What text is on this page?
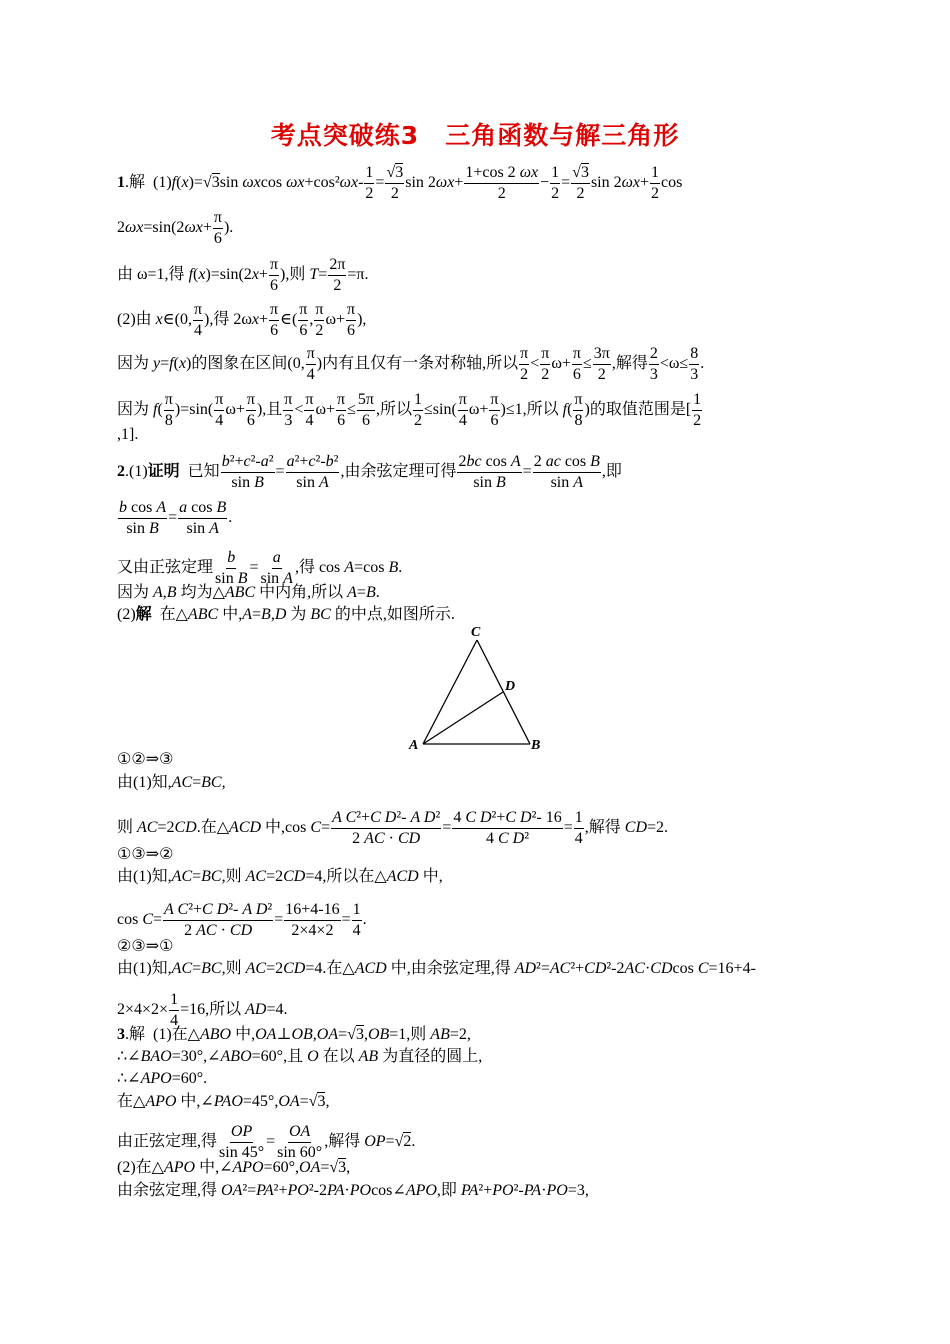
考点突破练3　三角函数与解三角形
1.解  (1)f(x)=√3sin ωxcos $\omega x+\cos^2\omega x- \frac{1}{2} = \frac{√3}{2}$ $\sin 2\omega x+ \frac{1+\cos 2 \omega x}{2} - \frac{1}{2} = \frac{√3}{2}$ $\sin 2\omega x+ \frac{1}{2}$ cos
$2\omega x=\sin(2\omega x+ \frac{\pi}{6}$ ).
由 ω=1,得 $f(x)=\sin(2x+ \frac{\pi}{6}$ ),则 $T= \frac{2\pi}{2} =\pi$.
(2)由 x∈(0, $\frac{\pi}{4}$ ),得 $2\omega x+ \frac{\pi}{6}$ ∈( $\frac{\pi}{6}$ , $\frac{\pi}{2} \omega+ \frac{\pi}{6}$ ),
因为 y=f(x)的图象在区间(0, $\frac{\pi}{4}$ )内有且仅有一条对称轴,所以 $\frac{\pi}{2} < \frac{\pi}{2} \omega+ \frac{\pi}{6} \le \frac{3\pi}{2}$ ,解得 $\frac{2}{3} <\omega\le \frac{8}{3}$ .
因为 $f( \frac{\pi}{8} )=\sin( \frac{\pi}{4} \omega+ \frac{\pi}{6}$ ),且 $\frac{\pi}{3} < \frac{\pi}{4} \omega+ \frac{\pi}{6} \le \frac{5\pi}{6}$ ,所以 $\frac{1}{2} \le\sin( \frac{\pi}{4} \omega+ \frac{\pi}{6} )\le 1$,所以 $f( \frac{\pi}{8}$ )的取值范围是[ $\frac{1}{2}$
,1].
2.(1)证明  已知 $\frac{\text{b²+c²-a²}}{\text{sin B}} = \frac{\text{a²+c²-b²}}{\text{sin A}}$ ,由余弦定理可得 $\frac{\text{2bc cos A}}{\text{sin B}} = \frac{\text{2 ac cos B}}{\text{sin A}}$ ,即
$\frac{\text{b cos A}}{\text{sin B}} = \frac{\text{a cos B}}{\text{sin A}}$ .
又由正弦定理 $\frac{b}{\text{sin B}} = \frac{a}{\text{sin A}}$ ,得 cos A=cos B.
因为 A,B 均为△ABC 中内角,所以 A=B.
(2)解  在△ABC 中,A=B,D 为 BC 的中点,如图所示.
C
D
A	B
①②⇒③
由(1)知,AC=BC,
则 AC=2CD.在△ACD 中,cos $C= \frac{\text{A C²+C D²- A D²}}{2 AC \cdot CD} = \frac{\text{4 C D²+C D²- 16}}{\text{4 C D²}} = \frac{1}{4}$ ,解得 CD=2.
①③⇒②
由(1)知,AC=BC,则 AC=2CD=4,所以在△ACD 中,
$\cos C= \frac{\text{A C²+C D²- A D²}}{2 AC \cdot CD} = \frac{16+4-16}{2\times 4\times 2} = \frac{1}{4}$ .
②③⇒①
由(1)知,AC=BC,则 AC=2CD=4.在△ACD 中,由余弦定理,得 AD²=AC²+CD²-2AC·CDcos C=16+4-
$2\times 4\times 2\times \frac{1}{4} =16$,所以 AD=4.
3.解  (1)在△ABO 中,OA⊥OB,OA=√3,OB=1,则 AB=2,
∴∠BAO=30°,∠ABO=60°,且 O 在以 AB 为直径的圆上,
∴∠APO=60°.
在△APO 中,∠PAO=45°,OA=√3,
由正弦定理,得 $\frac{OP}{\sin 45^\circ} = \frac{OA}{\sin 60^\circ}$ ,解得 OP=√2.
(2)在△APO 中,∠APO=60°,OA=√3,
由余弦定理,得 OA²=PA²+PO²-2PA·POcos∠APO,即 PA²+PO²-PA·PO=3,
